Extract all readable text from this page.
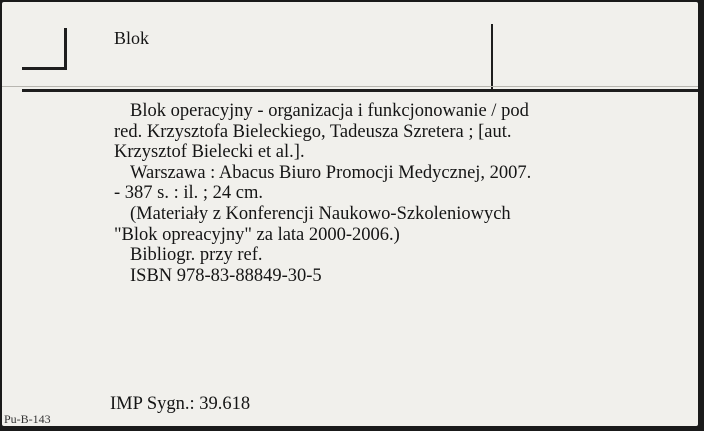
Blok
Blok operacyjny - organizacja i funkcjonowanie / pod
red. Krzysztofa Bieleckiego, Tadeusza Szretera ; [aut.
Krzysztof Bielecki et al.].
Warszawa : Abacus Biuro Promocji Medycznej, 2007.
- 387 s. : il. ; 24 cm.
(Materiały z Konferencji Naukowo-Szkoleniowych
"Blok opreacyjny" za lata 2000-2006.)
Bibliogr. przy ref.
ISBN 978-83-88849-30-5
IMP Sygn.: 39.618
Pu-B-143
